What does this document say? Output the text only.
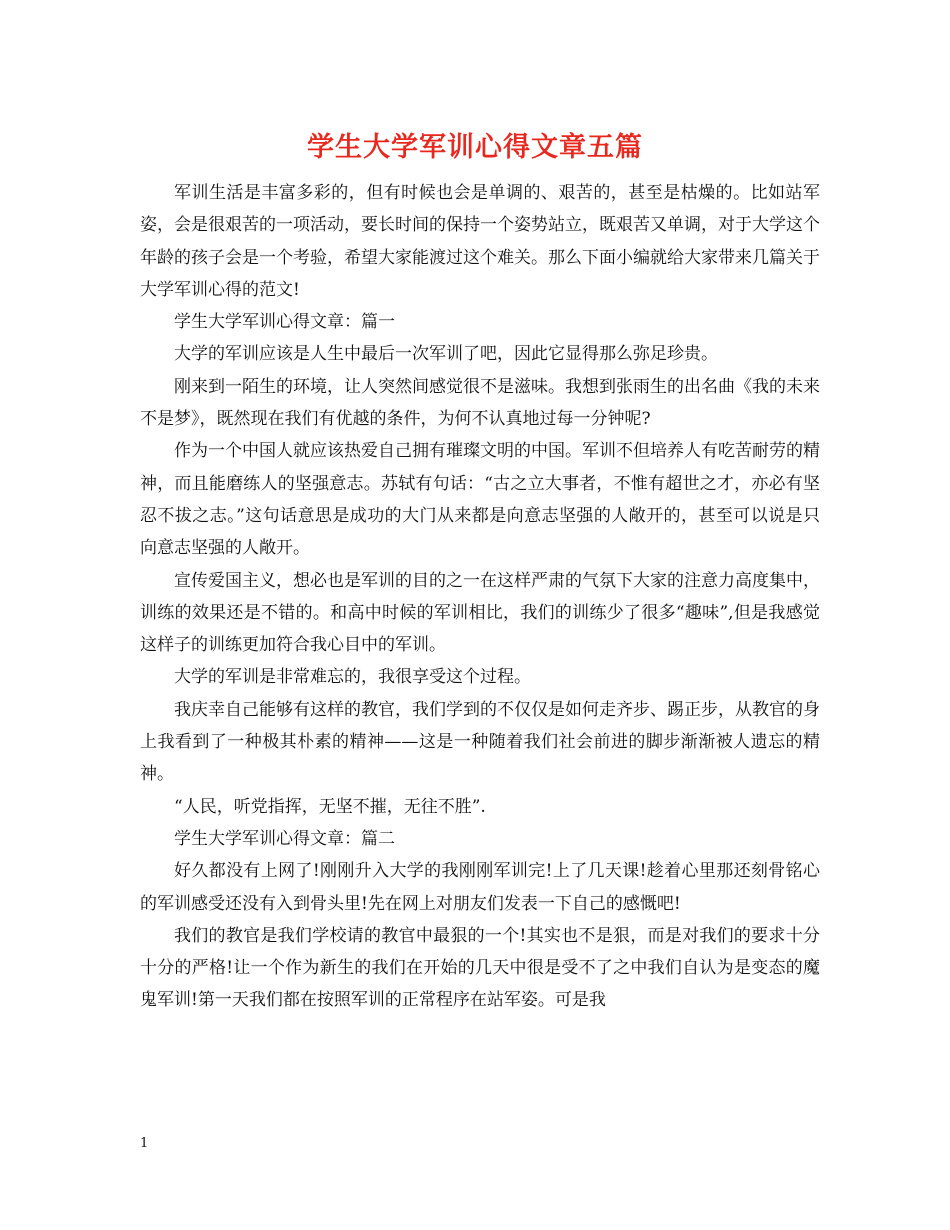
学生大学军训心得文章五篇

军训生活是丰富多彩的，但有时候也会是单调的、艰苦的，甚至是枯燥的。比如站军姿，会是很艰苦的一项活动，要长时间的保持一个姿势站立，既艰苦又单调，对于大学这个年龄的孩子会是一个考验，希望大家能渡过这个难关。那么下面小编就给大家带来几篇关于大学军训心得的范文!

学生大学军训心得文章：篇一

大学的军训应该是人生中最后一次军训了吧，因此它显得那么弥足珍贵。

刚来到一陌生的环境，让人突然间感觉很不是滋味。我想到张雨生的出名曲《我的未来不是梦》，既然现在我们有优越的条件，为何不认真地过每一分钟呢?

作为一个中国人就应该热爱自己拥有璀璨文明的中国。军训不但培养人有吃苦耐劳的精神，而且能磨练人的坚强意志。苏轼有句话：“古之立大事者，不惟有超世之才，亦必有坚忍不拔之志。”这句话意思是成功的大门从来都是向意志坚强的人敞开的，甚至可以说是只向意志坚强的人敞开。

宣传爱国主义，想必也是军训的目的之一在这样严肃的气氛下大家的注意力高度集中，训练的效果还是不错的。和高中时候的军训相比，我们的训练少了很多“趣味”,但是我感觉这样子的训练更加符合我心目中的军训。

大学的军训是非常难忘的，我很享受这个过程。

我庆幸自己能够有这样的教官，我们学到的不仅仅是如何走齐步、踢正步，从教官的身上我看到了一种极其朴素的精神——这是一种随着我们社会前进的脚步渐渐被人遗忘的精神。

“人民，听党指挥，无坚不摧，无往不胜”.

学生大学军训心得文章：篇二

好久都没有上网了!刚刚升入大学的我刚刚军训完!上了几天课!趁着心里那还刻骨铭心的军训感受还没有入到骨头里!先在网上对朋友们发表一下自己的感慨吧!

我们的教官是我们学校请的教官中最狠的一个!其实也不是狠，而是对我们的要求十分十分的严格!让一个作为新生的我们在开始的几天中很是受不了之中我们自认为是变态的魔鬼军训!第一天我们都在按照军训的正常程序在站军姿。可是我

1
